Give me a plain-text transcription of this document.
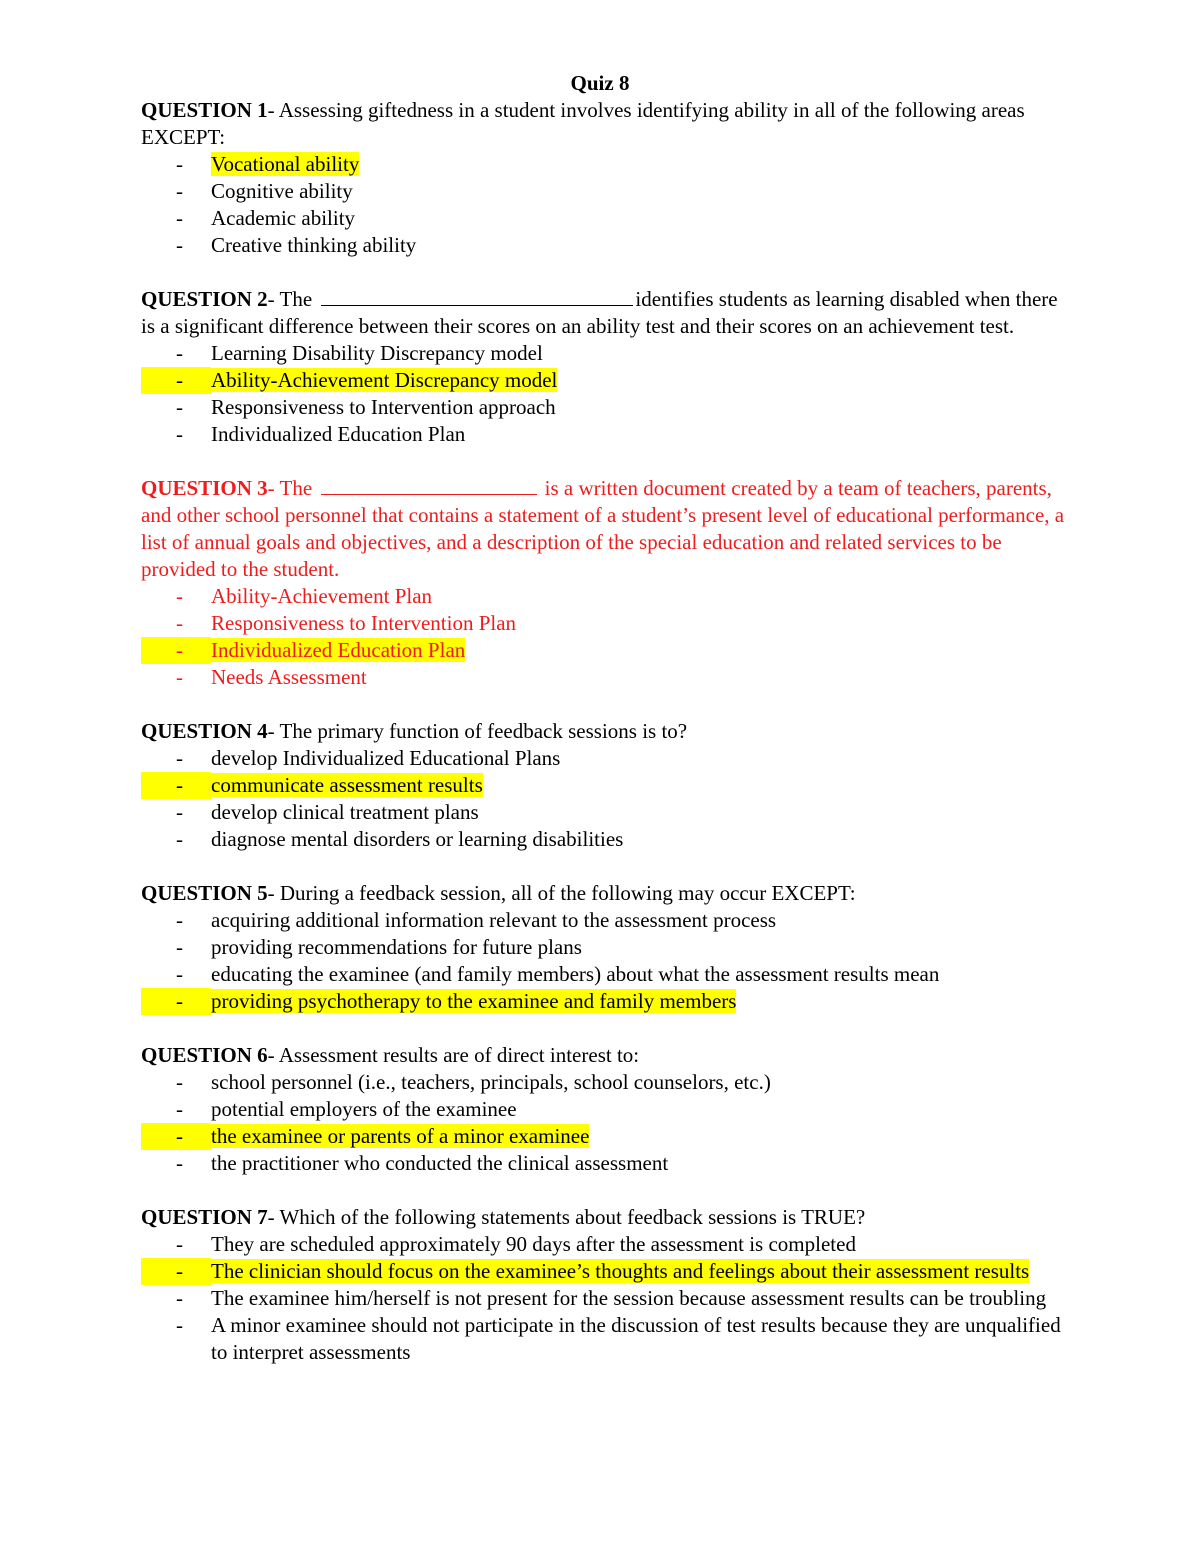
Quiz 8
QUESTION 1- Assessing giftedness in a student involves identifying ability in all of the following areas EXCEPT:
-	Vocational ability
-	Cognitive ability
-	Academic ability
-	Creative thinking ability
QUESTION 2- The	identifies students as learning disabled when there is a significant difference between their scores on an ability test and their scores on an achievement test.
-	Learning Disability Discrepancy model
-	Ability-Achievement Discrepancy model
-	Responsiveness to Intervention approach
-	Individualized Education Plan
QUESTION 3- The	is a written document created by a team of teachers, parents, and other school personnel that contains a statement of a student’s present level of educational performance, a list of annual goals and objectives, and a description of the special education and related services to be provided to the student.
-	Ability-Achievement Plan
-	Responsiveness to Intervention Plan
-	Individualized Education Plan
-	Needs Assessment
QUESTION 4- The primary function of feedback sessions is to?
-	develop Individualized Educational Plans
-	communicate assessment results
-	develop clinical treatment plans
-	diagnose mental disorders or learning disabilities
QUESTION 5- During a feedback session, all of the following may occur EXCEPT:
-	acquiring additional information relevant to the assessment process
-	providing recommendations for future plans
-	educating the examinee (and family members) about what the assessment results mean
-	providing psychotherapy to the examinee and family members
QUESTION 6- Assessment results are of direct interest to:
-	school personnel (i.e., teachers, principals, school counselors, etc.)
-	potential employers of the examinee
-	the examinee or parents of a minor examinee
-	the practitioner who conducted the clinical assessment
QUESTION 7- Which of the following statements about feedback sessions is TRUE?
-	They are scheduled approximately 90 days after the assessment is completed
-	The clinician should focus on the examinee’s thoughts and feelings about their assessment results
-	The examinee him/herself is not present for the session because assessment results can be troubling
-	A minor examinee should not participate in the discussion of test results because they are unqualified to interpret assessments
